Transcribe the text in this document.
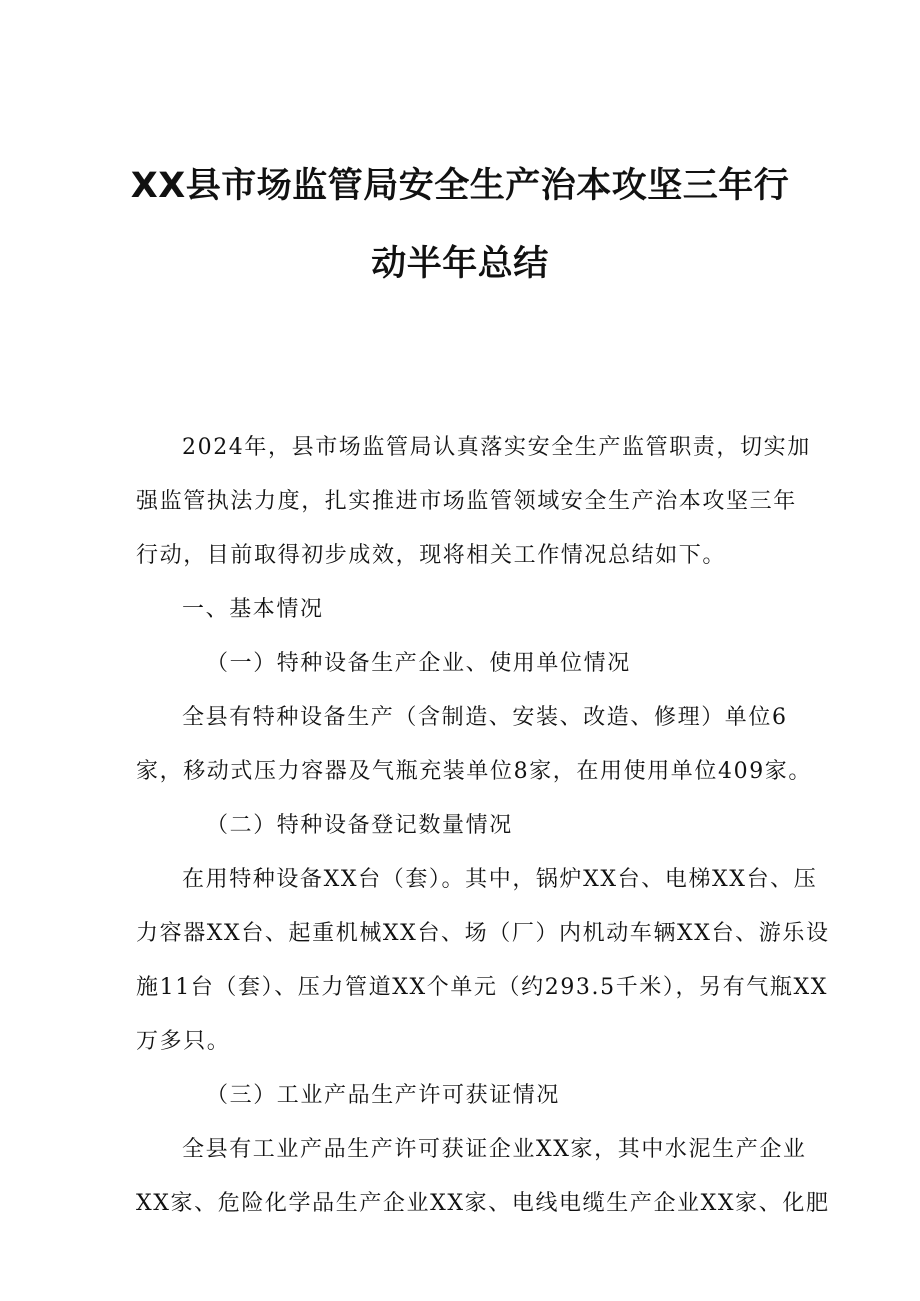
XX县市场监管局安全生产治本攻坚三年行
动半年总结
2024年，县市场监管局认真落实安全生产监管职责，切实加
强监管执法力度，扎实推进市场监管领域安全生产治本攻坚三年
行动，目前取得初步成效，现将相关工作情况总结如下。
一、基本情况
（一）特种设备生产企业、使用单位情况
全县有特种设备生产（含制造、安装、改造、修理）单位6
家，移动式压力容器及气瓶充装单位8家，在用使用单位409家。
（二）特种设备登记数量情况
在用特种设备XX台（套）。其中，锅炉XX台、电梯XX台、压
力容器XX台、起重机械XX台、场（厂）内机动车辆XX台、游乐设
施11台（套）、压力管道XX个单元（约293.5千米），另有气瓶XX
万多只。
（三）工业产品生产许可获证情况
全县有工业产品生产许可获证企业XX家，其中水泥生产企业
XX家、危险化学品生产企业XX家、电线电缆生产企业XX家、化肥
